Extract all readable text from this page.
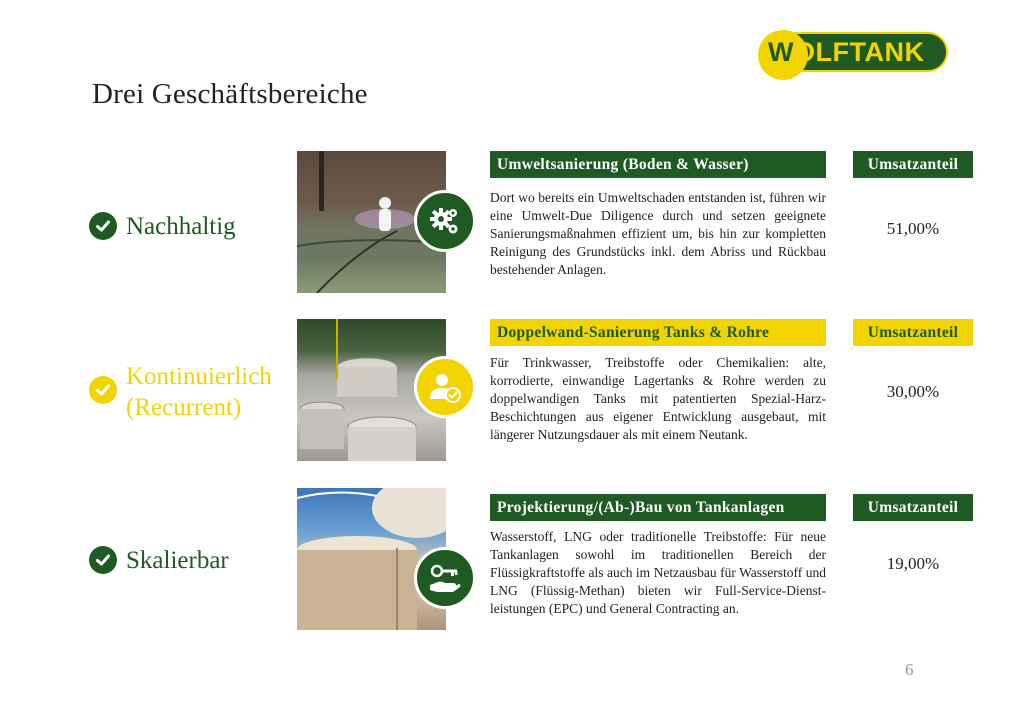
Drei Geschäftsbereiche
WOLFTANK
Nachhaltig
Umweltsanierung (Boden & Wasser)	Umsatzanteil
Dort wo bereits ein Umweltschaden entstanden ist, führen wir eine Umwelt-Due Diligence durch und setzen geeignete Sanierungsmaßnahmen effizient um, bis hin zur kompletten Reinigung des Grundstücks inkl. dem Abriss und Rückbau bestehender Anlagen.
51,00%
Kontinuierlich (Recurrent)
Doppelwand-Sanierung Tanks & Rohre	Umsatzanteil
Für Trinkwasser, Treibstoffe oder Chemikalien: alte, korrodierte, einwandige Lagertanks & Rohre werden zu doppelwandigen Tanks mit patentierten Spezial-Harz-Beschichtungen aus eigener Entwicklung ausgebaut, mit längerer Nutzungsdauer als mit einem Neutank.
30,00%
Skalierbar
Projektierung/(Ab-)Bau von Tankanlagen	Umsatzanteil
Wasserstoff, LNG oder traditionelle Treibstoffe: Für neue Tankanlagen sowohl im traditionellen Bereich der Flüssigkraftstoffe als auch im Netzausbau für Wasserstoff und LNG (Flüssig-Methan) bieten wir Full-Service-Dienst-leistungen (EPC) und General Contracting an.
19,00%
6
